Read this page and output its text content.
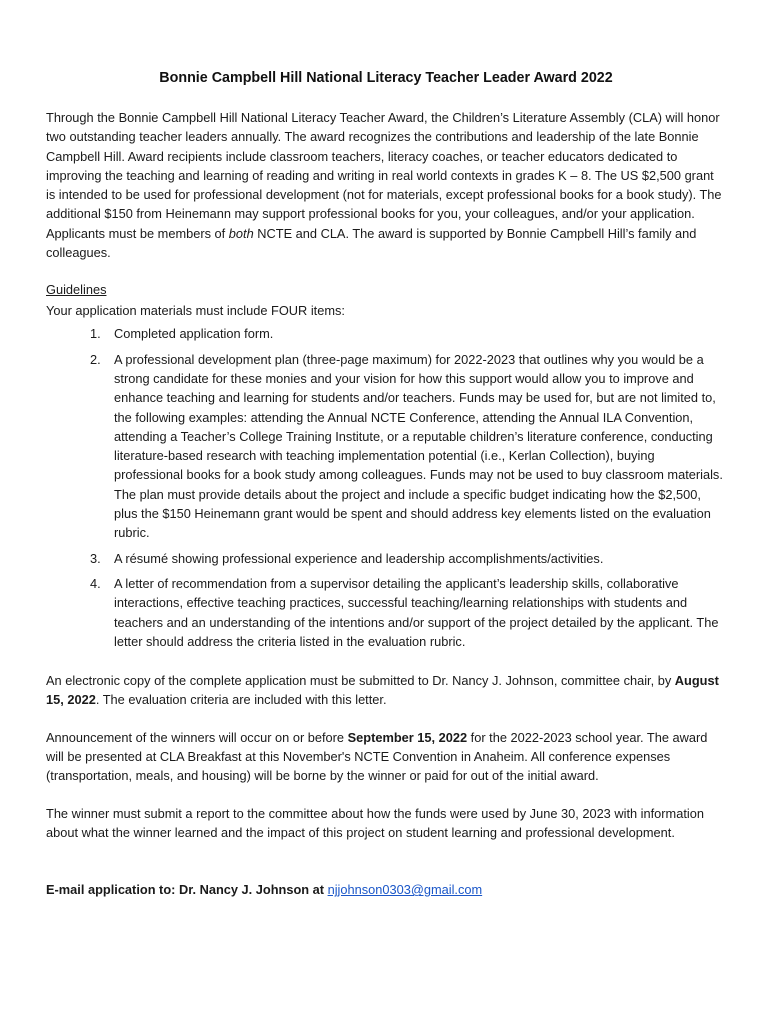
Bonnie Campbell Hill National Literacy Teacher Leader Award 2022

Through the Bonnie Campbell Hill National Literacy Teacher Award, the Children’s Literature Assembly (CLA) will honor two outstanding teacher leaders annually. The award recognizes the contributions and leadership of the late Bonnie Campbell Hill. Award recipients include classroom teachers, literacy coaches, or teacher educators dedicated to improving the teaching and learning of reading and writing in real world contexts in grades K – 8. The US $2,500 grant is intended to be used for professional development (not for materials, except professional books for a book study). The additional $150 from Heinemann may support professional books for you, your colleagues, and/or your application. Applicants must be members of both NCTE and CLA. The award is supported by Bonnie Campbell Hill’s family and colleagues.

Guidelines

Your application materials must include FOUR items:

1. Completed application form.
2. A professional development plan (three-page maximum) for 2022-2023 that outlines why you would be a strong candidate for these monies and your vision for how this support would allow you to improve and enhance teaching and learning for students and/or teachers. Funds may be used for, but are not limited to, the following examples: attending the Annual NCTE Conference, attending the Annual ILA Convention, attending a Teacher’s College Training Institute, or a reputable children’s literature conference, conducting literature-based research with teaching implementation potential (i.e., Kerlan Collection), buying professional books for a book study among colleagues. Funds may not be used to buy classroom materials. The plan must provide details about the project and include a specific budget indicating how the $2,500, plus the $150 Heinemann grant would be spent and should address key elements listed on the evaluation rubric.
3. A résumé showing professional experience and leadership accomplishments/activities.
4. A letter of recommendation from a supervisor detailing the applicant’s leadership skills, collaborative interactions, effective teaching practices, successful teaching/learning relationships with students and teachers and an understanding of the intentions and/or support of the project detailed by the applicant. The letter should address the criteria listed in the evaluation rubric.

An electronic copy of the complete application must be submitted to Dr. Nancy J. Johnson, committee chair, by August 15, 2022. The evaluation criteria are included with this letter.

Announcement of the winners will occur on or before September 15, 2022 for the 2022-2023 school year. The award will be presented at CLA Breakfast at this November's NCTE Convention in Anaheim. All conference expenses (transportation, meals, and housing) will be borne by the winner or paid for out of the initial award.

The winner must submit a report to the committee about how the funds were used by June 30, 2023 with information about what the winner learned and the impact of this project on student learning and professional development.

E-mail application to: Dr. Nancy J. Johnson at njjohnson0303@gmail.com
